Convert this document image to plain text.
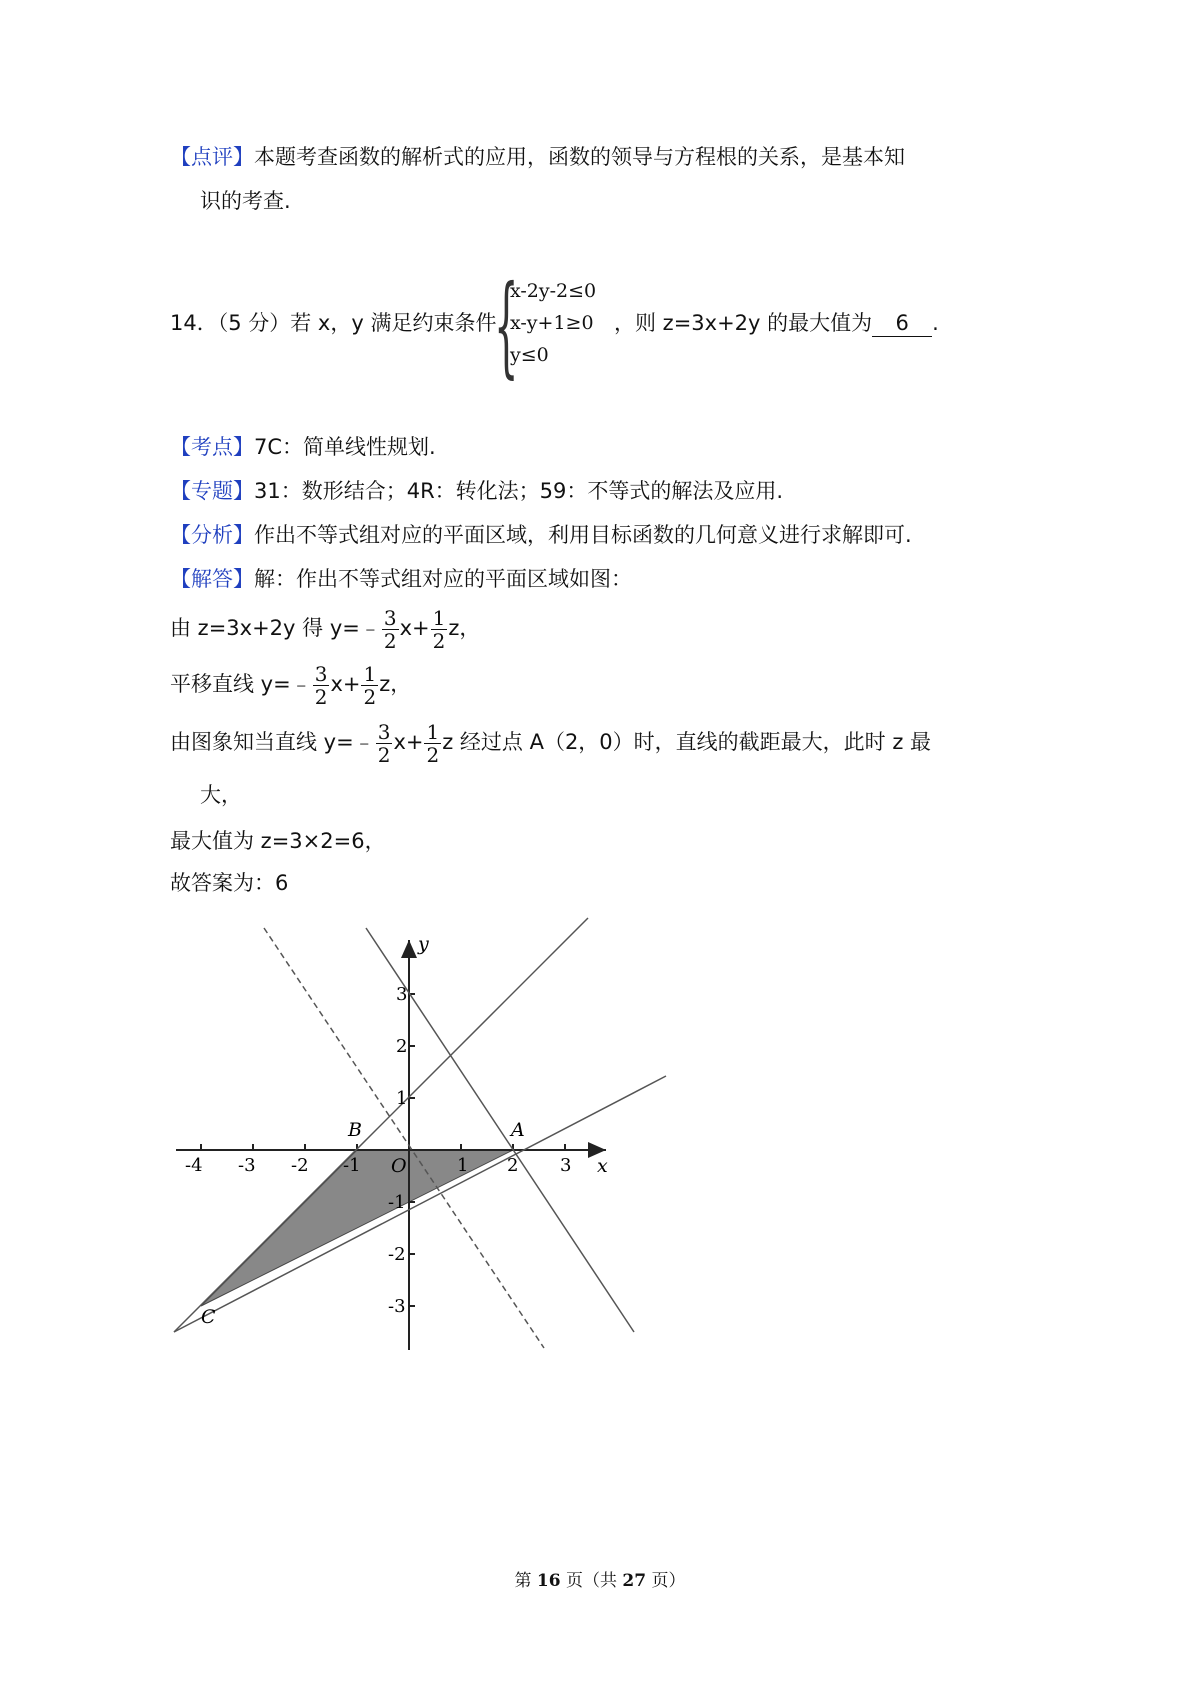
【点评】本题考查函数的解析式的应用，函数的领导与方程根的关系，是基本知
识的考查.
14．（5 分）若 x，y 满足约束条件
{
x-2y-2≤0
x-y+1≥0
y≤0
，则 z=3x+2y 的最大值为 6 .
【考点】7C：简单线性规划.
【专题】31：数形结合；4R：转化法；59：不等式的解法及应用.
【分析】作出不等式组对应的平面区域，利用目标函数的几何意义进行求解即可.
【解答】解：作出不等式组对应的平面区域如图：
由 z=3x+2y 得 y=﹣ $\frac{3}{2} x+ \frac{1}{2}$ z，
平移直线 y=﹣ $\frac{3}{2} x+ \frac{1}{2}$ z，
由图象知当直线 y=﹣ $\frac{3}{2} x+ \frac{1}{2}$ z 经过点 A（2，0）时，直线的截距最大，此时 z 最
大，
最大值为 z=3×2=6，
故答案为：6
-4 -3 -2 -1	1 2 3
3
2
1
-1
-2
-3
x
y
O
A
B
C
第 16 页（共 27 页）
